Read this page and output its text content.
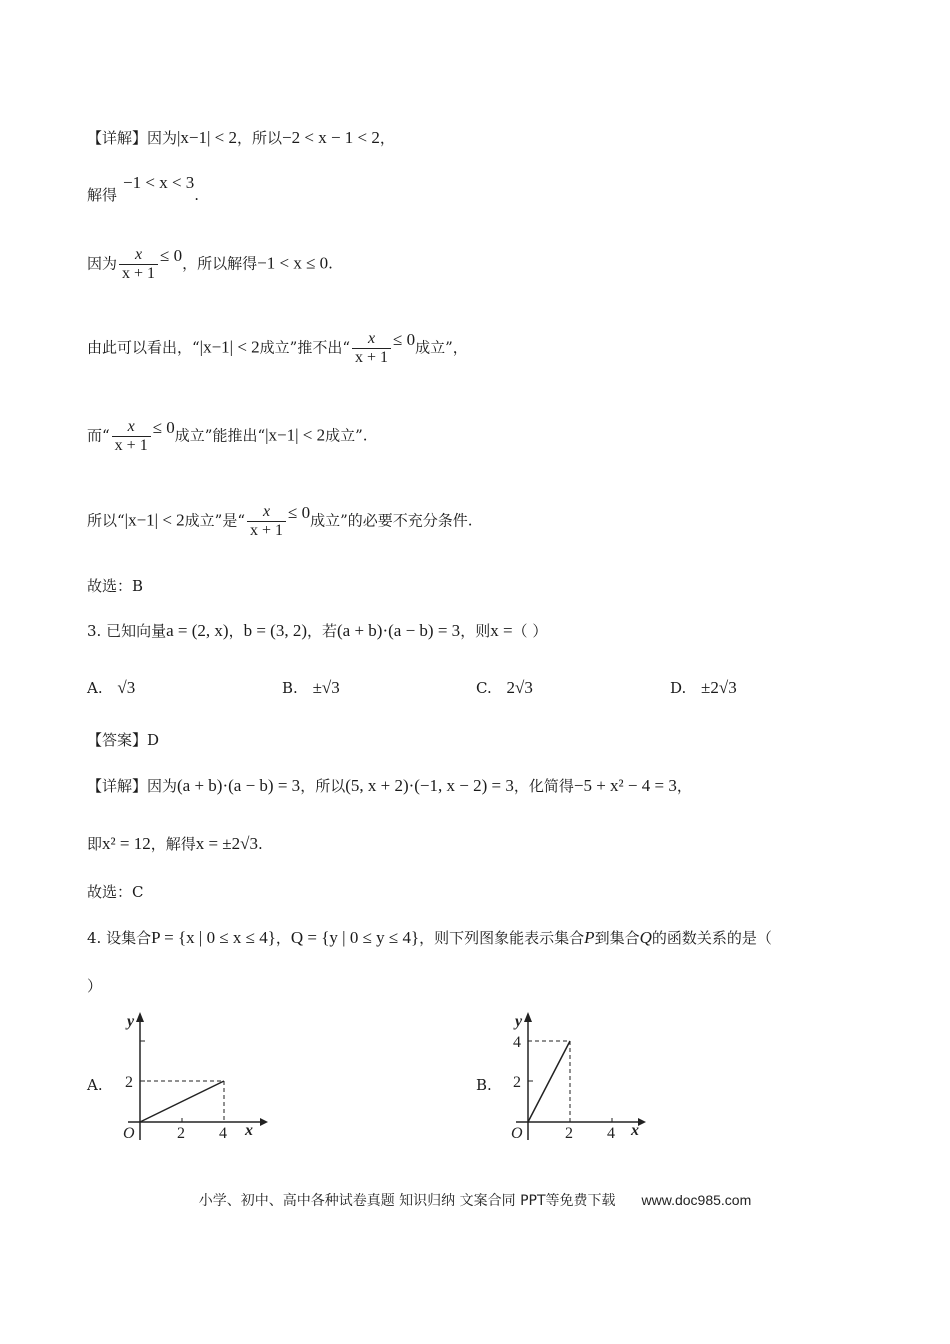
【详解】因为|x−1| < 2，所以−2 < x − 1 < 2，
解得−1 < x < 3.
因为 $\frac{x}{x + 1} \le 0$，所以解得−1 < x ≤ 0.
由此可以看出，“|x−1| < 2成立”推不出“ $\frac{x}{x + 1} \le 0$成立”，
而“ $\frac{x}{x + 1} \le 0$成立”能推出“|x−1| < 2成立”.
所以“|x−1| < 2成立”是“ $\frac{x}{x + 1} \le 0$成立”的必要不充分条件.
故选：B
3. 已知向量a = (2, x)，b = (3, 2)，若(a + b)·(a − b) = 3，则x =（ ）
A. √3	B. ±√3	C. 2√3	D. ±2√3
【答案】D
【详解】因为(a + b)·(a − b) = 3，所以(5, x + 2)·(−1, x − 2) = 3，化简得−5 + x² − 4 = 3，
即x² = 12，解得x = ±2√3.
故选：C
4. 设集合P = {x | 0 ≤ x ≤ 4}，Q = {y | 0 ≤ y ≤ 4}，则下列图象能表示集合P到集合Q的函数关系的是（
）
A.
y
O	2 4
2
x
B.
y
O	2 4
2
4
x
小学、初中、高中各种试卷真题 知识归纳 文案合同 PPT等免费下载 www.doc985.com
